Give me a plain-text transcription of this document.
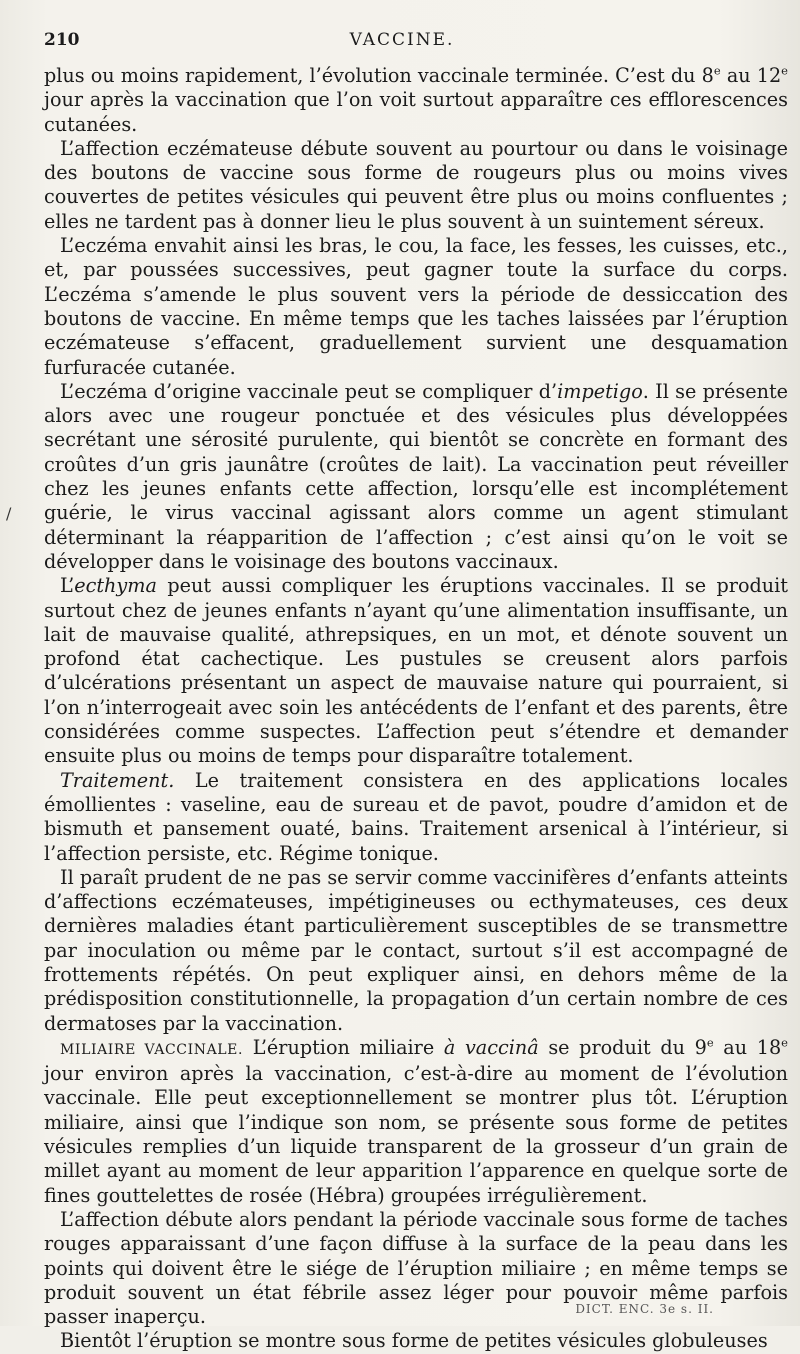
210	VACCINE.
/

plus ou moins rapidement, l’évolution vaccinale terminée. C’est du 8e au 12e jour après la vaccination que l’on voit surtout apparaître ces efflorescences cutanées.

L’affection eczémateuse débute souvent au pourtour ou dans le voisinage des boutons de vaccine sous forme de rougeurs plus ou moins vives couvertes de petites vésicules qui peuvent être plus ou moins confluentes ; elles ne tardent pas à donner lieu le plus souvent à un suintement séreux.

L’eczéma envahit ainsi les bras, le cou, la face, les fesses, les cuisses, etc., et, par poussées successives, peut gagner toute la surface du corps. L’eczéma s’amende le plus souvent vers la période de dessiccation des boutons de vaccine. En même temps que les taches laissées par l’éruption eczémateuse s’effacent, graduellement survient une desquamation furfuracée cutanée.

L’eczéma d’origine vaccinale peut se compliquer d’impetigo. Il se présente alors avec une rougeur ponctuée et des vésicules plus développées secrétant une sérosité purulente, qui bientôt se concrète en formant des croûtes d’un gris jaunâtre (croûtes de lait). La vaccination peut réveiller chez les jeunes enfants cette affection, lorsqu’elle est incomplétement guérie, le virus vaccinal agissant alors comme un agent stimulant déterminant la réapparition de l’affection ; c’est ainsi qu’on le voit se développer dans le voisinage des boutons vaccinaux.

L’ecthyma peut aussi compliquer les éruptions vaccinales. Il se produit surtout chez de jeunes enfants n’ayant qu’une alimentation insuffisante, un lait de mauvaise qualité, athrepsiques, en un mot, et dénote souvent un profond état cachectique. Les pustules se creusent alors parfois d’ulcérations présentant un aspect de mauvaise nature qui pourraient, si l’on n’interrogeait avec soin les antécédents de l’enfant et des parents, être considérées comme suspectes. L’affection peut s’étendre et demander ensuite plus ou moins de temps pour disparaître totalement.

Traitement. Le traitement consistera en des applications locales émollientes : vaseline, eau de sureau et de pavot, poudre d’amidon et de bismuth et pansement ouaté, bains. Traitement arsenical à l’intérieur, si l’affection persiste, etc. Régime tonique.

Il paraît prudent de ne pas se servir comme vaccinifères d’enfants atteints d’affections eczémateuses, impétigineuses ou ecthymateuses, ces deux dernières maladies étant particulièrement susceptibles de se transmettre par inoculation ou même par le contact, surtout s’il est accompagné de frottements répétés. On peut expliquer ainsi, en dehors même de la prédisposition constitutionnelle, la propagation d’un certain nombre de ces dermatoses par la vaccination.

MILIAIRE VACCINALE. L’éruption miliaire à vaccinâ se produit du 9e au 18e jour environ après la vaccination, c’est-à-dire au moment de l’évolution vaccinale. Elle peut exceptionnellement se montrer plus tôt. L’éruption miliaire, ainsi que l’indique son nom, se présente sous forme de petites vésicules remplies d’un liquide transparent de la grosseur d’un grain de millet ayant au moment de leur apparition l’apparence en quelque sorte de fines gouttelettes de rosée (Hébra) groupées irrégulièrement.

L’affection débute alors pendant la période vaccinale sous forme de taches rouges apparaissant d’une façon diffuse à la surface de la peau dans les points qui doivent être le siége de l’éruption miliaire ; en même temps se produit souvent un état fébrile assez léger pour pouvoir même parfois passer inaperçu.

Bientôt l’éruption se montre sous forme de petites vésicules globuleuses

DICT. ENC. 3e s. II.
